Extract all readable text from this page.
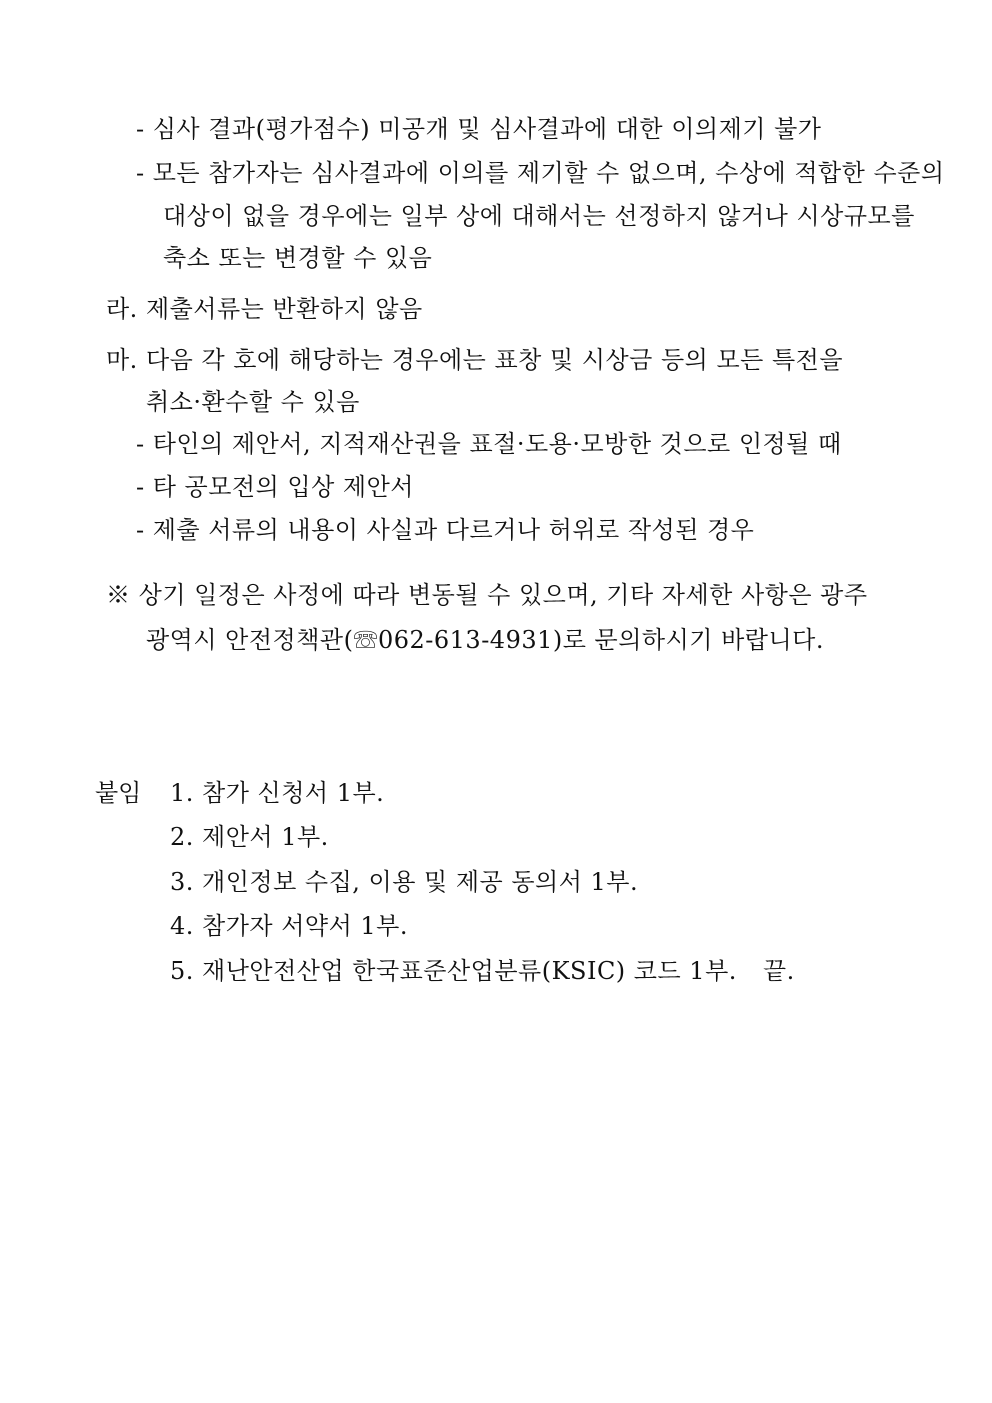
- 심사 결과(평가점수) 미공개 및 심사결과에 대한 이의제기 불가
- 모든 참가자는 심사결과에 이의를 제기할 수 없으며, 수상에 적합한 수준의
대상이 없을 경우에는 일부 상에 대해서는 선정하지 않거나 시상규모를
축소 또는 변경할 수 있음
라. 제출서류는 반환하지 않음
마. 다음 각 호에 해당하는 경우에는 표창 및 시상금 등의 모든 특전을
취소·환수할 수 있음
- 타인의 제안서, 지적재산권을 표절·도용·모방한 것으로 인정될 때
- 타 공모전의 입상 제안서
- 제출 서류의 내용이 사실과 다르거나 허위로 작성된 경우
※ 상기 일정은 사정에 따라 변동될 수 있으며, 기타 자세한 사항은 광주
광역시 안전정책관(☏062-613-4931)로 문의하시기 바랍니다.
붙임 1. 참가 신청서 1부.
2. 제안서 1부.
3. 개인정보 수집, 이용 및 제공 동의서 1부.
4. 참가자 서약서 1부.
5. 재난안전산업 한국표준산업분류(KSIC) 코드 1부. 끝.
